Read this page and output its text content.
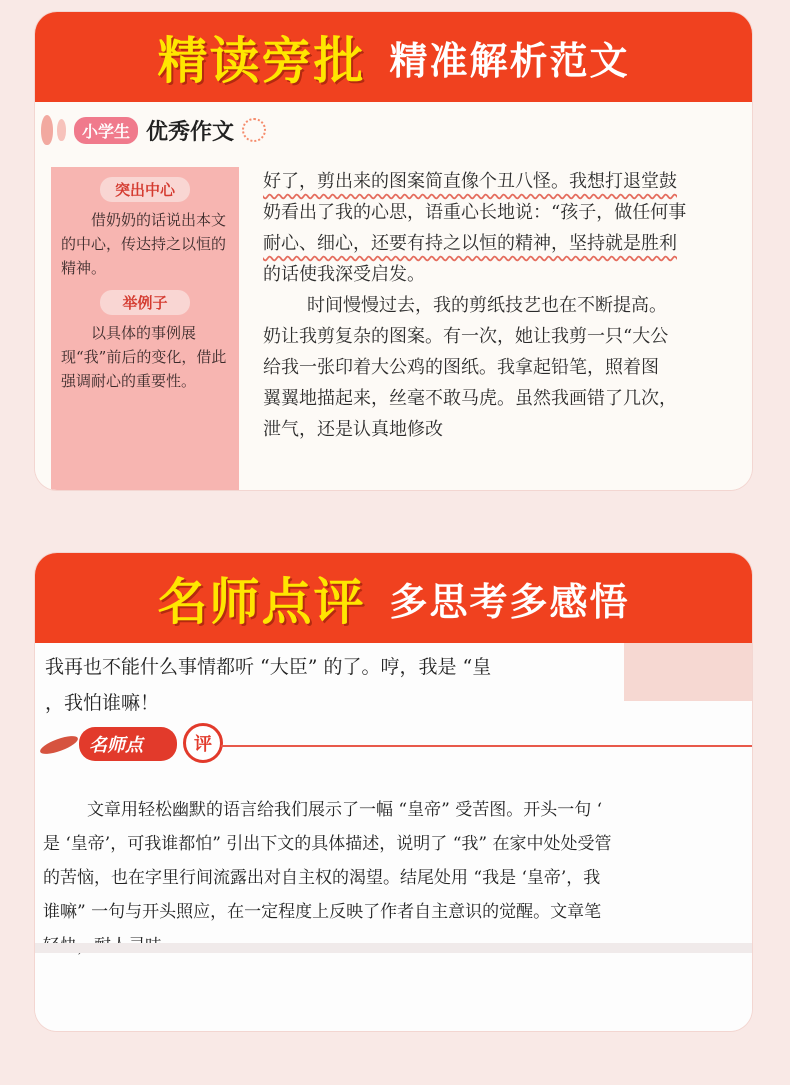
精读旁批 精准解析范文
小学生 优秀作文
突出中心

借奶奶的话说出本文的中心，传达持之以恒的精神。

举例子

以具体的事例展现“我”前后的变化，借此强调耐心的重要性。

好了，剪出来的图案简直像个丑八怪。我想打退堂鼓

奶看出了我的心思，语重心长地说：“孩子，做任何事

耐心、细心，还要有持之以恒的精神，坚持就是胜利

的话使我深受启发。

时间慢慢过去，我的剪纸技艺也在不断提高。

奶让我剪复杂的图案。有一次，她让我剪一只“大公

给我一张印着大公鸡的图纸。我拿起铅笔，照着图

翼翼地描起来，丝毫不敢马虎。虽然我画错了几次，

泄气，还是认真地修改

名师点评 多思考多感悟

我再也不能什么事情都听 “大臣” 的了。哼，我是 “皇

，我怕谁嘛！

名师点	评

文章用轻松幽默的语言给我们展示了一幅 “皇帝” 受苦图。开头一句 ‘

是 ‘皇帝’，可我谁都怕” 引出下文的具体描述，说明了 “我” 在家中处处受管

的苦恼，也在字里行间流露出对自主权的渴望。结尾处用 “我是 ‘皇帝’，我

谁嘛” 一句与开头照应，在一定程度上反映了作者自主意识的觉醒。文章笔
